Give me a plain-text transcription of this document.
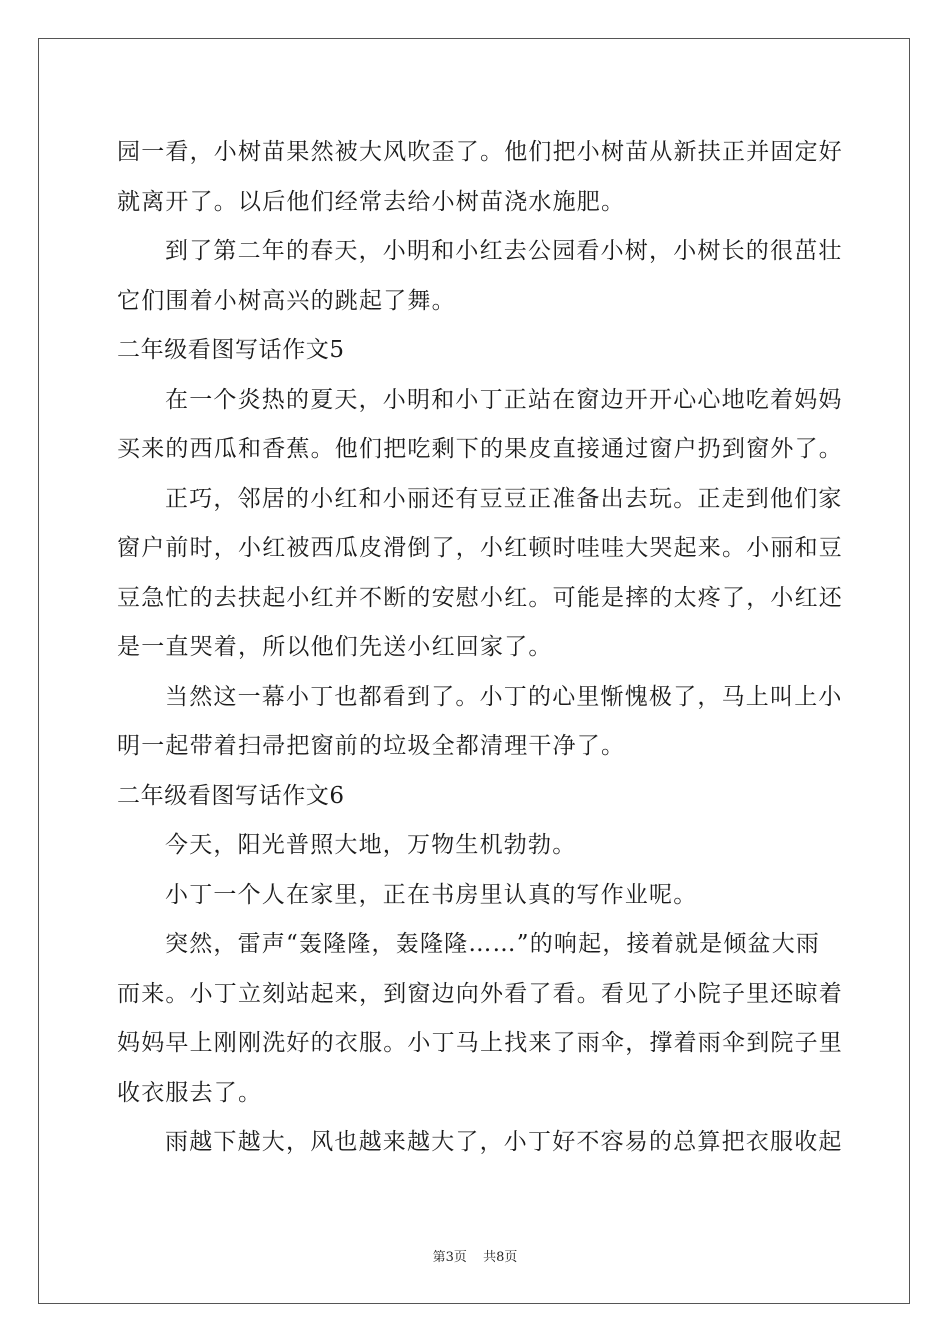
园一看，小树苗果然被大风吹歪了。他们把小树苗从新扶正并固定好
就离开了。以后他们经常去给小树苗浇水施肥。
到了第二年的春天，小明和小红去公园看小树，小树长的很茁壮
它们围着小树高兴的跳起了舞。
二年级看图写话作文5
在一个炎热的夏天，小明和小丁正站在窗边开开心心地吃着妈妈
买来的西瓜和香蕉。他们把吃剩下的果皮直接通过窗户扔到窗外了。
正巧，邻居的小红和小丽还有豆豆正准备出去玩。正走到他们家
窗户前时，小红被西瓜皮滑倒了，小红顿时哇哇大哭起来。小丽和豆
豆急忙的去扶起小红并不断的安慰小红。可能是摔的太疼了，小红还
是一直哭着，所以他们先送小红回家了。
当然这一幕小丁也都看到了。小丁的心里惭愧极了，马上叫上小
明一起带着扫帚把窗前的垃圾全都清理干净了。
二年级看图写话作文6
今天，阳光普照大地，万物生机勃勃。
小丁一个人在家里，正在书房里认真的写作业呢。
突然，雷声“轰隆隆，轰隆隆……”的响起，接着就是倾盆大雨
而来。小丁立刻站起来，到窗边向外看了看。看见了小院子里还晾着
妈妈早上刚刚洗好的衣服。小丁马上找来了雨伞，撑着雨伞到院子里
收衣服去了。
雨越下越大，风也越来越大了，小丁好不容易的总算把衣服收起
第3页 共8页
